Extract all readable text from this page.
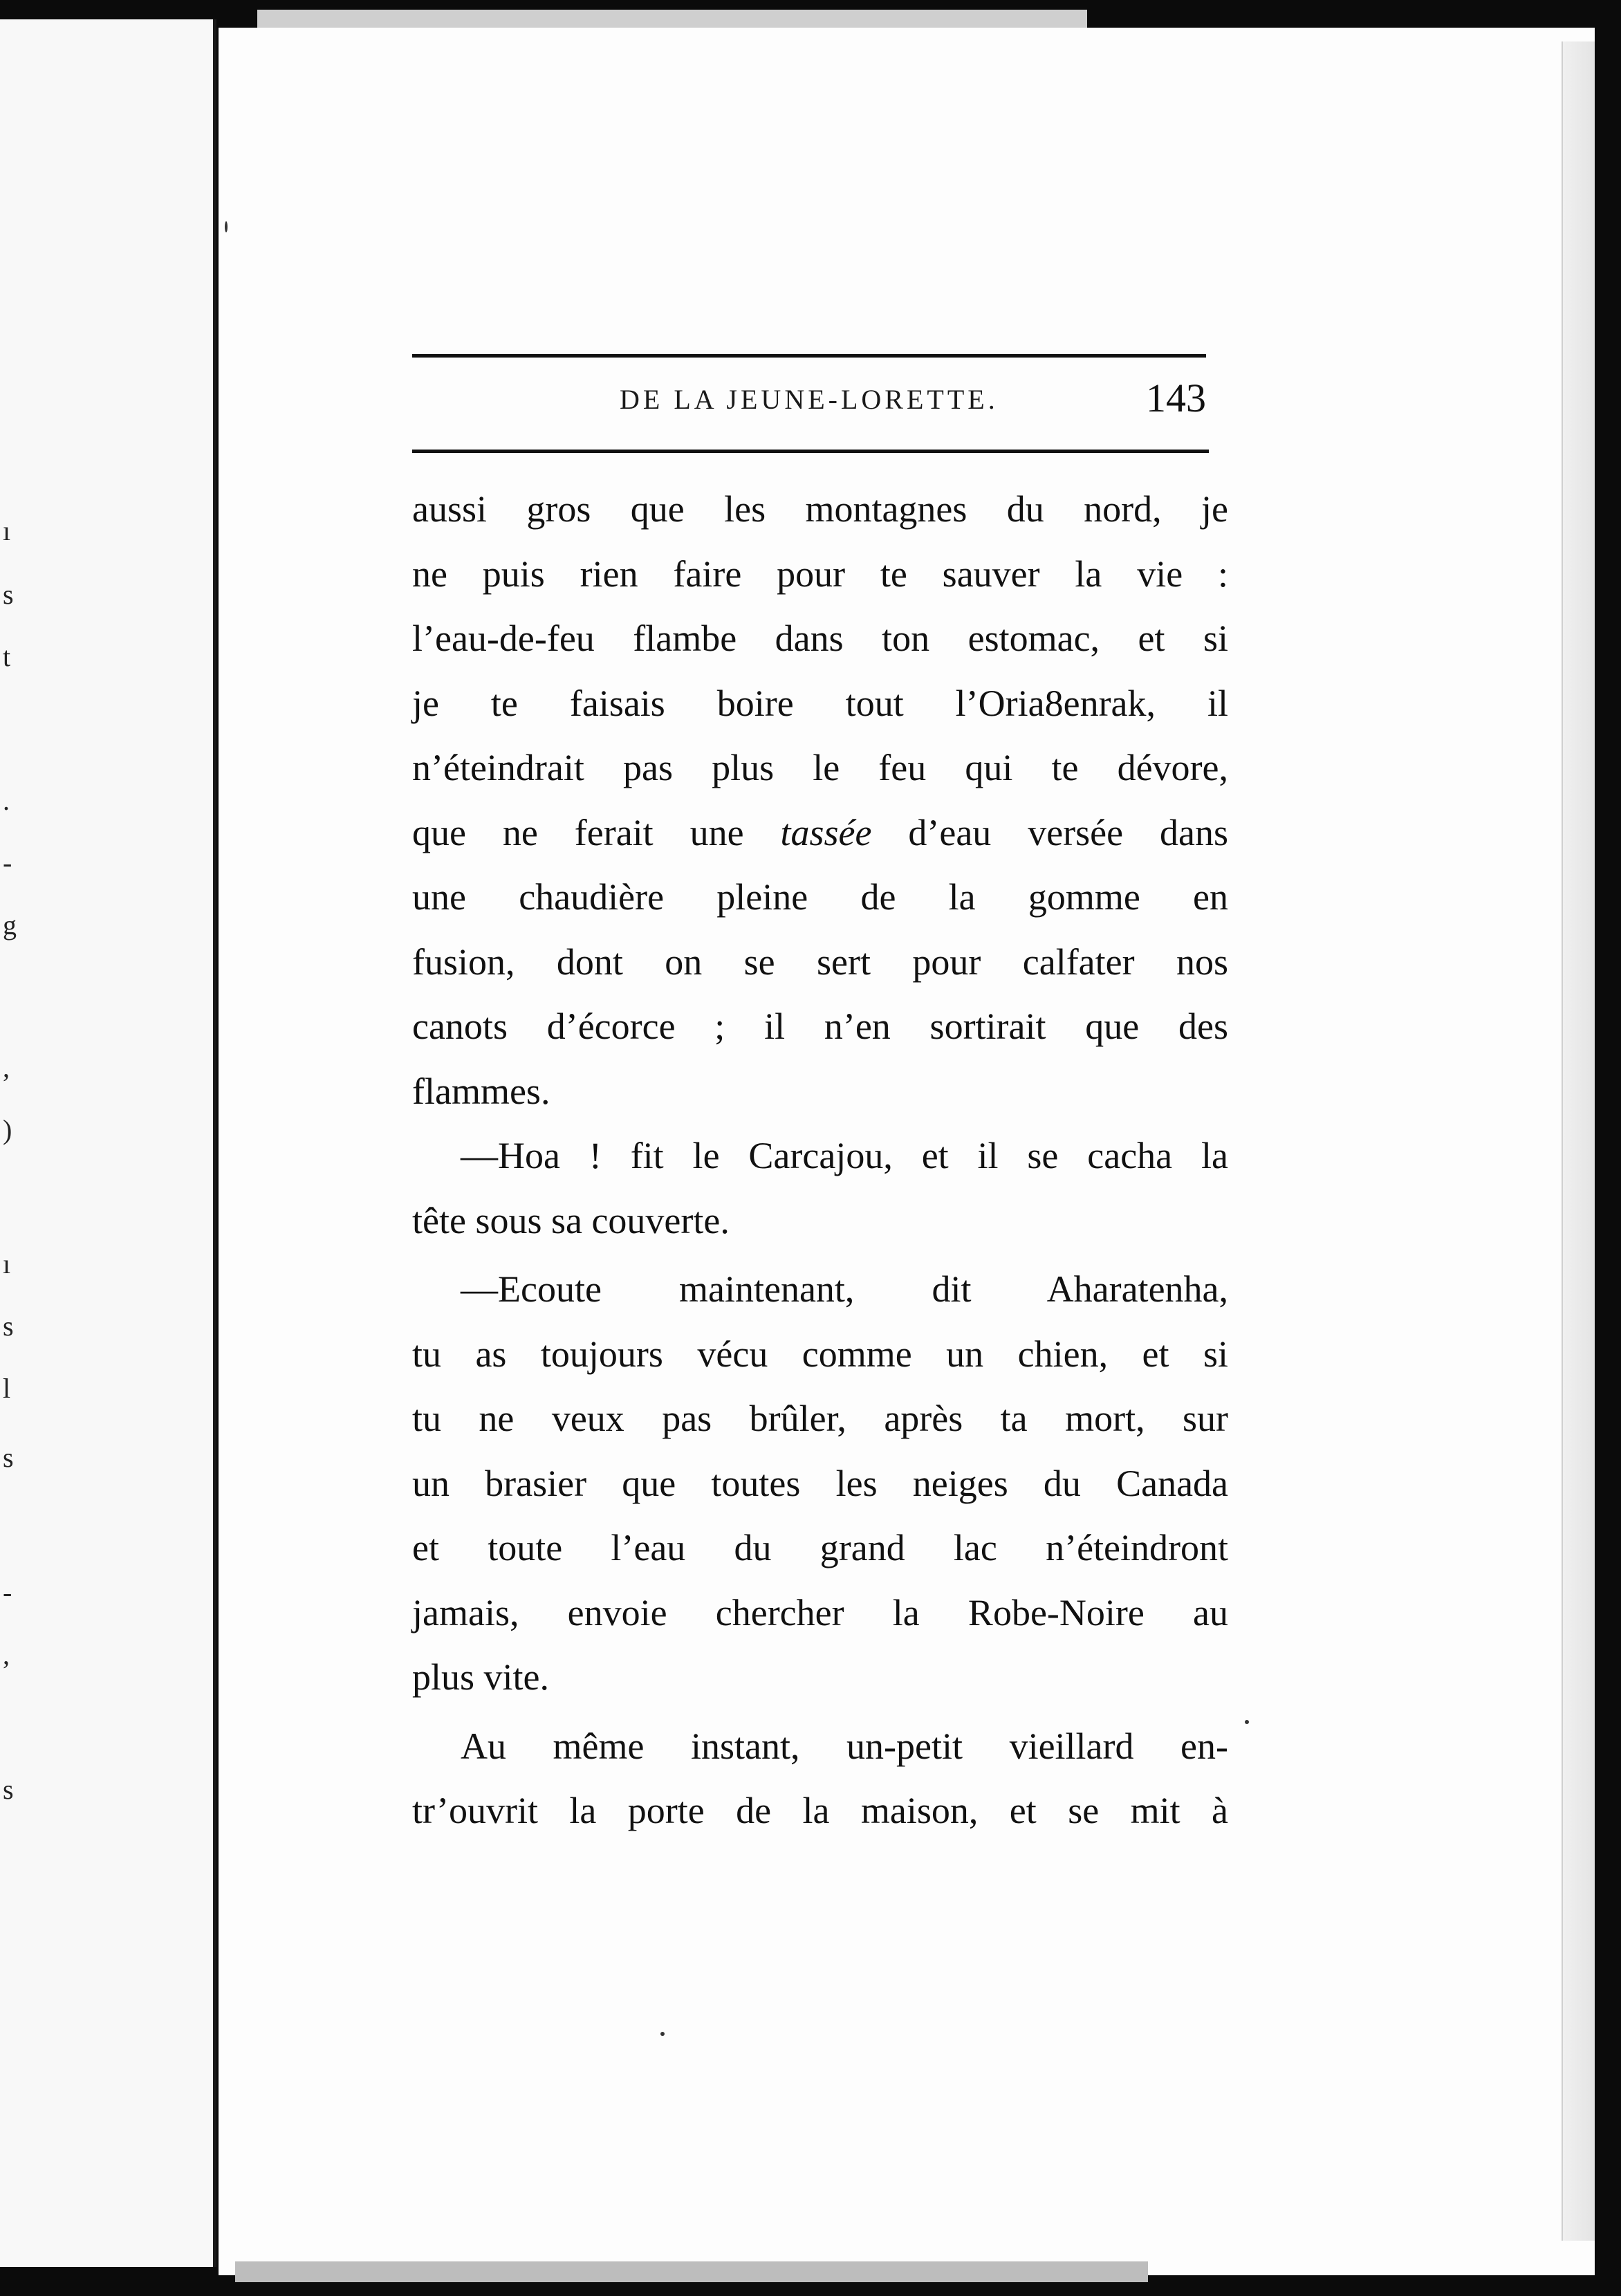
ı
s
t
.
-
g
,
)
ı
s
l
s
-
,
s
DE LA JEUNE-LORETTE.	143
aussi gros que les montagnes du nord, je
ne puis rien faire pour te sauver la vie :
l’eau-de-feu flambe dans ton estomac, et si
je te faisais boire tout l’Oria8enrak, il
n’éteindrait pas plus le feu qui te dévore,
que ne ferait une tassée d’eau versée dans
une chaudière pleine de la gomme en
fusion, dont on se sert pour calfater nos
canots d’écorce ; il n’en sortirait que des
flammes.
—Hoa ! fit le Carcajou, et il se cacha la
tête sous sa couverte.
—Ecoute maintenant, dit Aharatenha,
tu as toujours vécu comme un chien, et si
tu ne veux pas brûler, après ta mort, sur
un brasier que toutes les neiges du Canada
et toute l’eau du grand lac n’éteindront
jamais, envoie chercher la Robe-Noire au
plus vite.
Au même instant, un-petit vieillard en-
tr’ouvrit la porte de la maison, et se mit à
